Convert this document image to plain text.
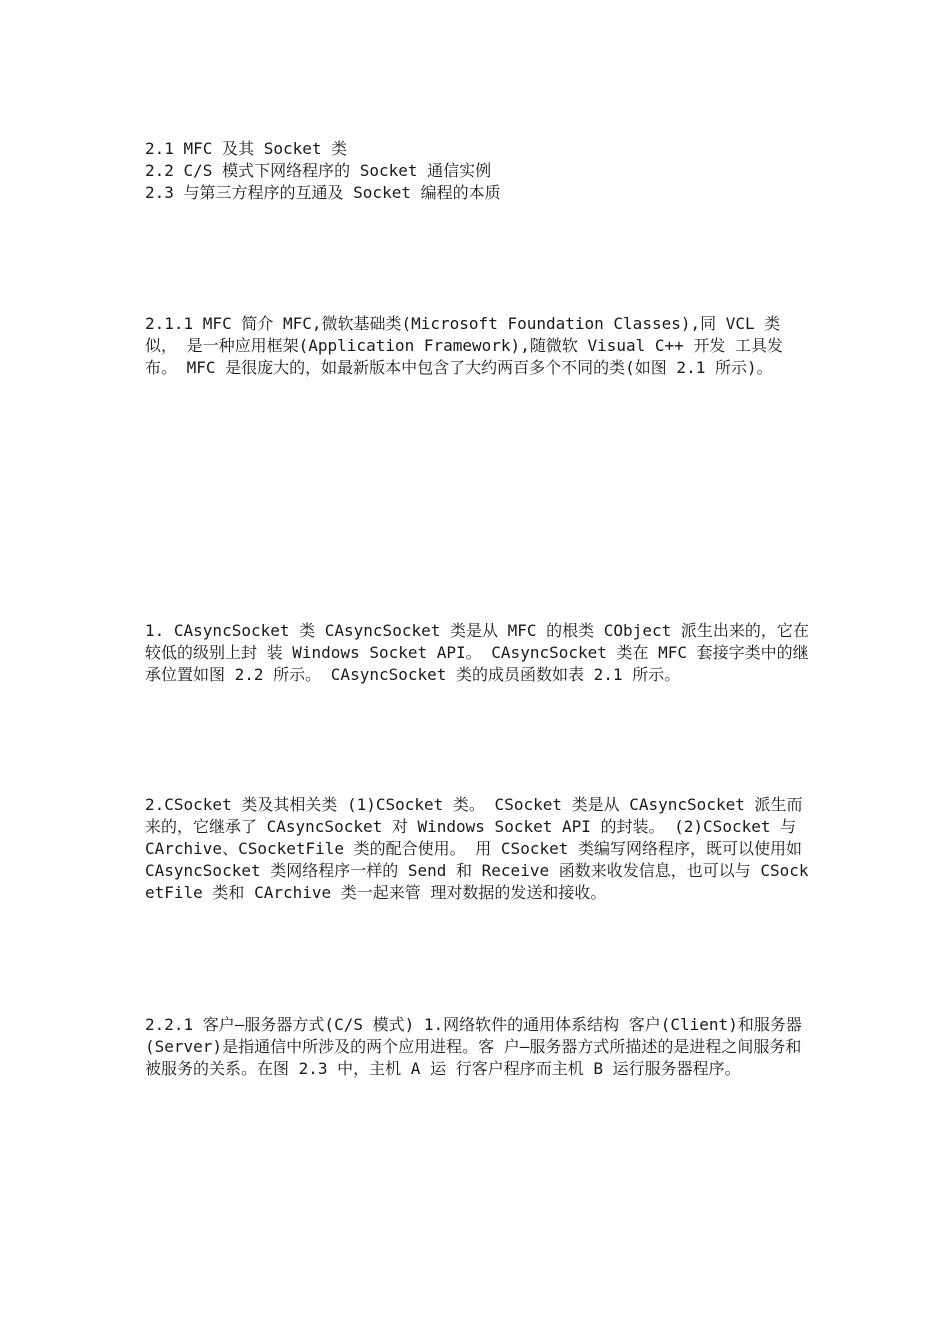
2.1 MFC 及其 Socket 类
2.2 C/S 模式下网络程序的 Socket 通信实例
2.3 与第三方程序的互通及 Socket 编程的本质
2.1.1 MFC 简介 MFC,微软基础类(Microsoft Foundation Classes),同 VCL 类似， 是一种应用框架(Application Framework),随微软 Visual C++ 开发 工具发布。 MFC 是很庞大的，如最新版本中包含了大约两百多个不同的类(如图 2.1 所示)。
1. CAsyncSocket 类 CAsyncSocket 类是从 MFC 的根类 CObject 派生出来的，它在较低的级别上封 装 Windows Socket API。 CAsyncSocket 类在 MFC 套接字类中的继承位置如图 2.2 所示。 CAsyncSocket 类的成员函数如表 2.1 所示。
2.CSocket 类及其相关类 (1)CSocket 类。 CSocket 类是从 CAsyncSocket 派生而来的，它继承了 CAsyncSocket 对 Windows Socket API 的封装。 (2)CSocket 与 CArchive、CSocketFile 类的配合使用。 用 CSocket 类编写网络程序，既可以使用如 CAsyncSocket 类网络程序一样的 Send 和 Receive 函数来收发信息，也可以与 CSocketFile 类和 CArchive 类一起来管 理对数据的发送和接收。
2.2.1 客户—服务器方式(C/S 模式) 1.网络软件的通用体系结构 客户(Client)和服务器(Server)是指通信中所涉及的两个应用进程。客 户—服务器方式所描述的是进程之间服务和被服务的关系。在图 2.3 中，主机 A 运 行客户程序而主机 B 运行服务器程序。
